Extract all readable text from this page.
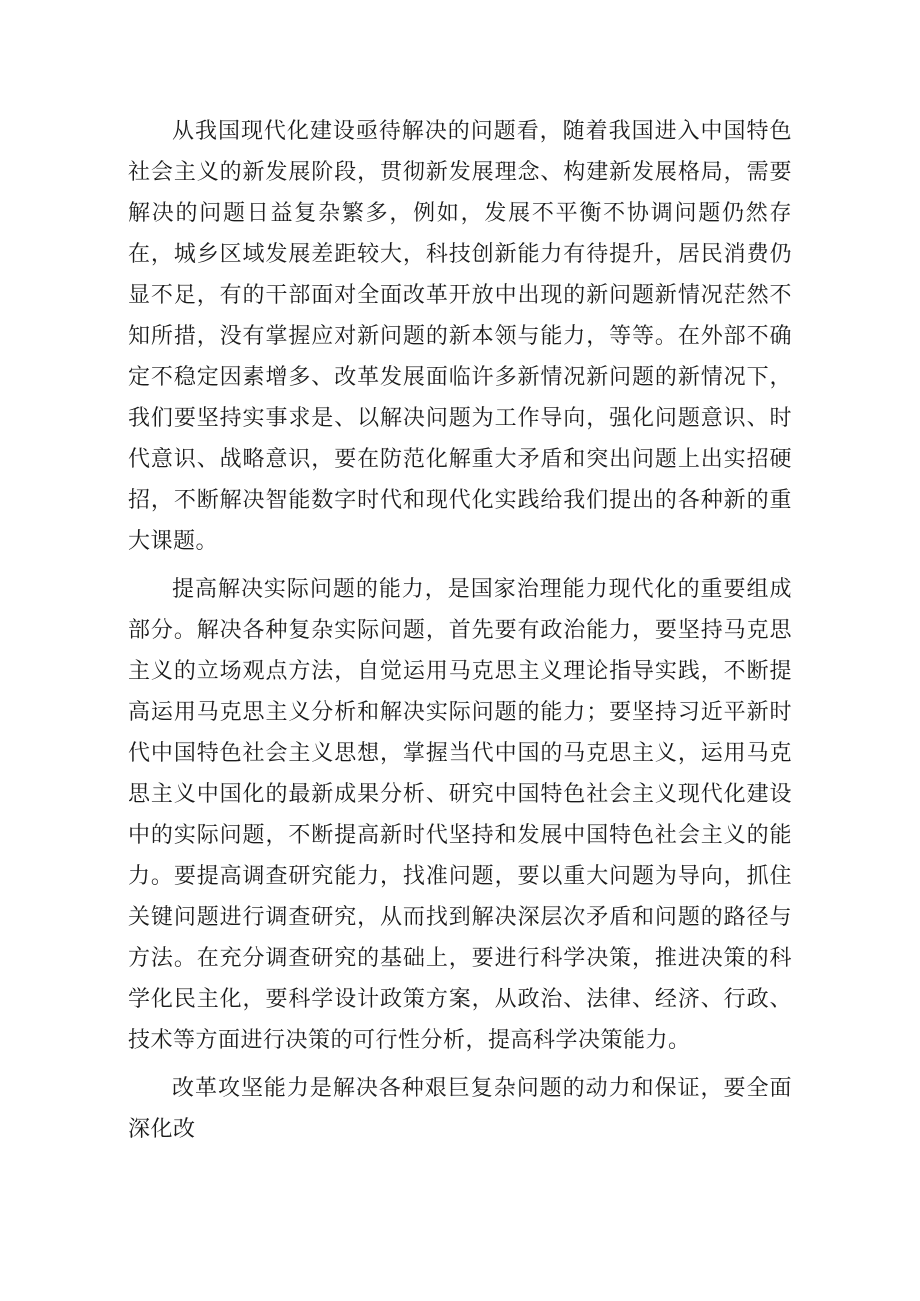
从我国现代化建设亟待解决的问题看，随着我国进入中国特色社会主义的新发展阶段，贯彻新发展理念、构建新发展格局，需要解决的问题日益复杂繁多，例如，发展不平衡不协调问题仍然存在，城乡区域发展差距较大，科技创新能力有待提升，居民消费仍显不足，有的干部面对全面改革开放中出现的新问题新情况茫然不知所措，没有掌握应对新问题的新本领与能力，等等。在外部不确定不稳定因素增多、改革发展面临许多新情况新问题的新情况下，我们要坚持实事求是、以解决问题为工作导向，强化问题意识、时代意识、战略意识，要在防范化解重大矛盾和突出问题上出实招硬招，不断解决智能数字时代和现代化实践给我们提出的各种新的重大课题。

提高解决实际问题的能力，是国家治理能力现代化的重要组成部分。解决各种复杂实际问题，首先要有政治能力，要坚持马克思主义的立场观点方法，自觉运用马克思主义理论指导实践，不断提高运用马克思主义分析和解决实际问题的能力；要坚持习近平新时代中国特色社会主义思想，掌握当代中国的马克思主义，运用马克思主义中国化的最新成果分析、研究中国特色社会主义现代化建设中的实际问题，不断提高新时代坚持和发展中国特色社会主义的能力。要提高调查研究能力，找准问题，要以重大问题为导向，抓住关键问题进行调查研究，从而找到解决深层次矛盾和问题的路径与方法。在充分调查研究的基础上，要进行科学决策，推进决策的科学化民主化，要科学设计政策方案，从政治、法律、经济、行政、技术等方面进行决策的可行性分析，提高科学决策能力。

改革攻坚能力是解决各种艰巨复杂问题的动力和保证，要全面深化改
